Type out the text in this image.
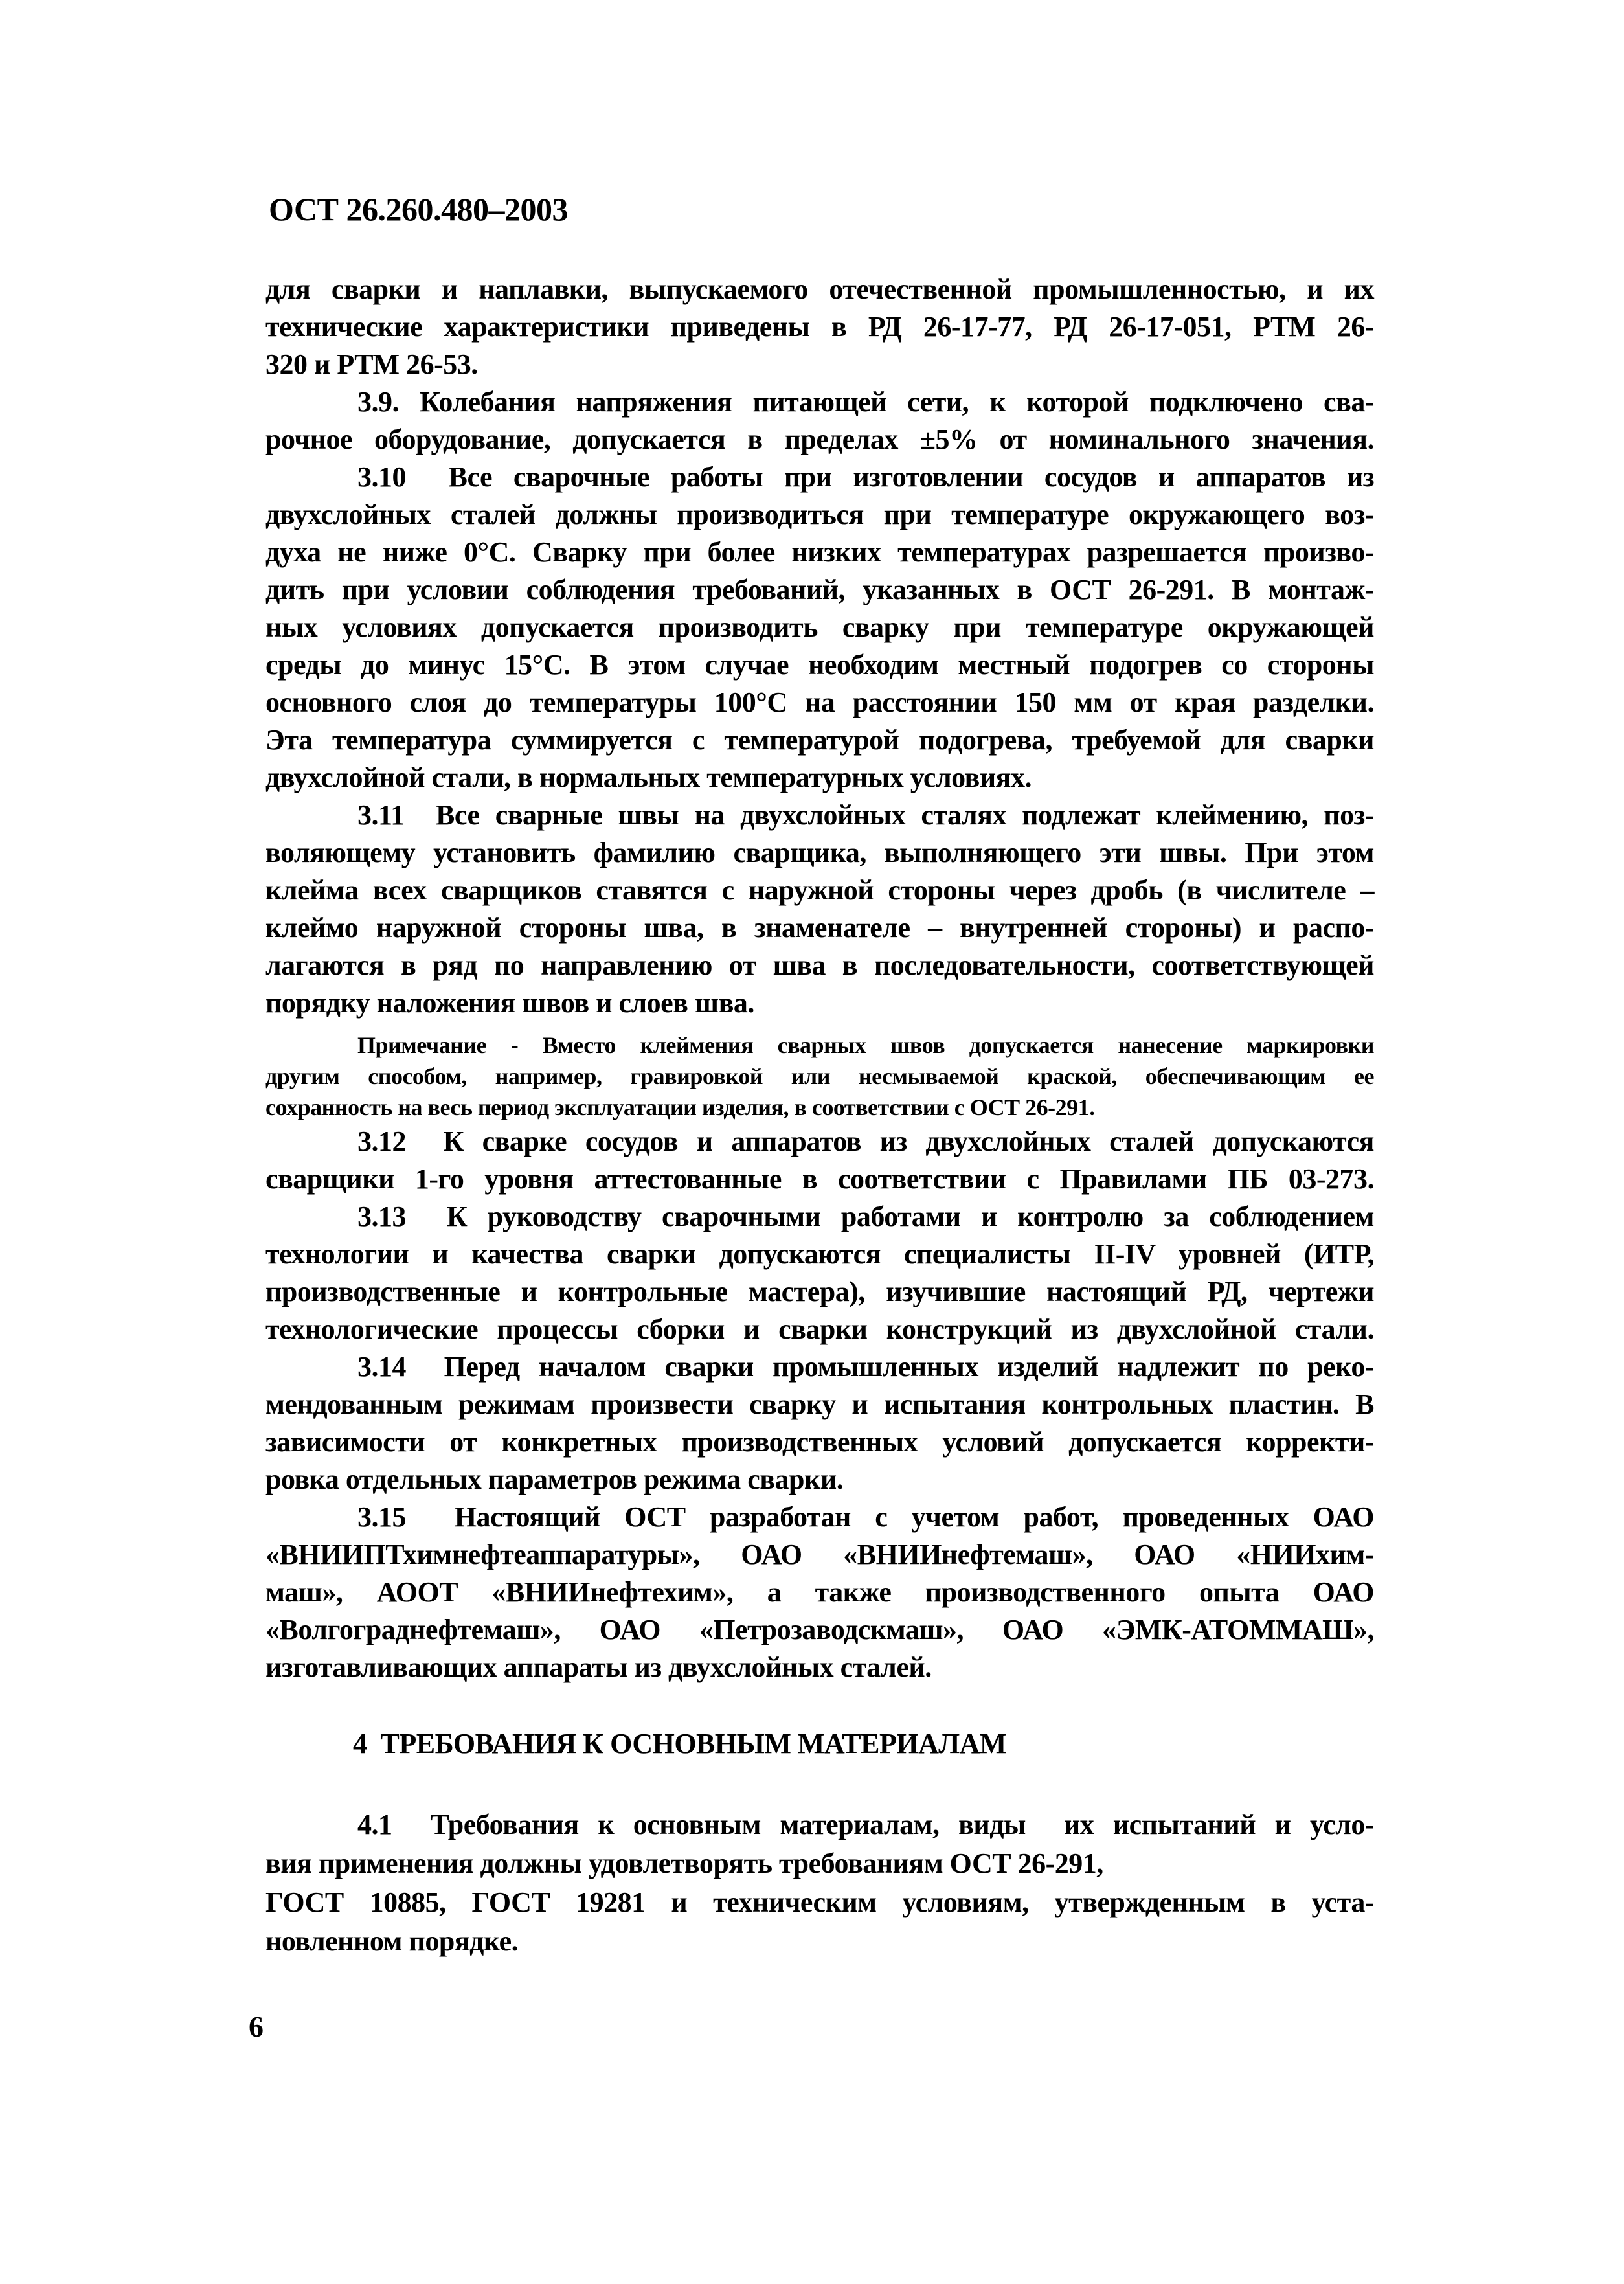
ОСТ 26.260.480–2003
для сварки и наплавки, выпускаемого отечественной промышленностью, и их
технические характеристики приведены в РД 26-17-77, РД 26-17-051, РТМ 26-
320 и РТМ 26-53.
3.9. Колебания напряжения питающей сети, к которой подключено сва-
рочное оборудование, допускается в пределах ±5% от номинального значения.
3.10  Все сварочные работы при изготовлении сосудов и аппаратов из
двухслойных сталей должны производиться при температуре окружающего воз-
духа не ниже 0°С. Сварку при более низких температурах разрешается произво-
дить при условии соблюдения требований, указанных в ОСТ 26-291. В монтаж-
ных условиях допускается производить сварку при температуре окружающей
среды до минус 15°С. В этом случае необходим местный подогрев со стороны
основного слоя до температуры 100°С на расстоянии 150 мм от края разделки.
Эта температура суммируется с температурой подогрева, требуемой для сварки
двухслойной стали, в нормальных температурных условиях.
3.11  Все сварные швы на двухслойных сталях подлежат клеймению, поз-
воляющему установить фамилию сварщика, выполняющего эти швы. При этом
клейма всех сварщиков ставятся с наружной стороны через дробь (в числителе –
клеймо наружной стороны шва, в знаменателе – внутренней стороны) и распо-
лагаются в ряд по направлению от шва в последовательности, соответствующей
порядку наложения швов и слоев шва.
Примечание - Вместо клеймения сварных швов допускается нанесение маркировки
другим способом, например, гравировкой или несмываемой краской, обеспечивающим ее
сохранность на весь период эксплуатации изделия, в соответствии с ОСТ 26-291.
3.12  К сварке сосудов и аппаратов из двухслойных сталей допускаются
сварщики 1-го уровня аттестованные в соответствии с Правилами ПБ 03-273.
3.13  К руководству сварочными работами и контролю за соблюдением
технологии и качества сварки допускаются специалисты II-IV уровней (ИТР,
производственные и контрольные мастера), изучившие настоящий РД, чертежи
технологические процессы сборки и сварки конструкций из двухслойной стали.
3.14  Перед началом сварки промышленных изделий надлежит по реко-
мендованным режимам произвести сварку и испытания контрольных пластин. В
зависимости от конкретных производственных условий допускается корректи-
ровка отдельных параметров режима сварки.
3.15  Настоящий ОСТ разработан с учетом работ, проведенных ОАО
«ВНИИПТхимнефтеаппаратуры», ОАО «ВНИИнефтемаш», ОАО «НИИхим-
маш», АООТ «ВНИИнефтехим», а также производственного опыта ОАО
«Волгограднефтемаш», ОАО «Петрозаводскмаш», ОАО «ЭМК-АТОММАШ»,
изготавливающих аппараты из двухслойных сталей.
4  ТРЕБОВАНИЯ К ОСНОВНЫМ МАТЕРИАЛАМ
4.1  Требования к основным материалам, виды  их испытаний и усло-
вия применения должны удовлетворять требованиям ОСТ 26-291,
ГОСТ 10885, ГОСТ 19281 и техническим условиям, утвержденным в уста-
новленном порядке.
6
